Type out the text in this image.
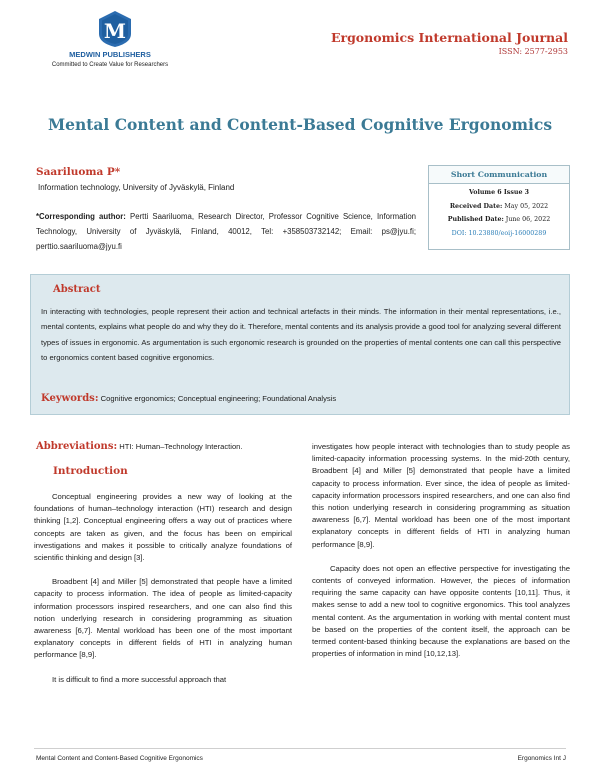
M
MEDWIN PUBLISHERS
Committed to Create Value for Researchers
Ergonomics International Journal
ISSN: 2577-2953
Mental Content and Content-Based Cognitive Ergonomics
Saariluoma P*
Information technology, University of Jyväskylä, Finland
*Corresponding author: Pertti Saariluoma, Research Director, Professor Cognitive Science, Information Technology, University of Jyväskylä, Finland, 40012, Tel: +358503732142; Email: ps@jyu.fi; perttio.saariluoma@jyu.fi
Short Communication
Volume 6 Issue 3
Received Date: May 05, 2022
Published Date: June 06, 2022
DOI: 10.23880/eoij-16000289
Abstract
In interacting with technologies, people represent their action and technical artefacts in their minds. The information in their mental representations, i.e., mental contents, explains what people do and why they do it. Therefore, mental contents and its analysis provide a good tool for analyzing several different types of issues in ergonomic. As argumentation is such ergonomic research is grounded on the properties of mental contents one can call this perspective to ergonomics content based cognitive ergonomics.
Keywords: Cognitive ergonomics; Conceptual engineering; Foundational Analysis
Abbreviations: HTI: Human–Technology Interaction.
Introduction

Conceptual engineering provides a new way of looking at the foundations of human–technology interaction (HTI) research and design thinking [1,2]. Conceptual engineering offers a way out of practices where concepts are taken as given, and the focus has been on empirical investigations and makes it possible to critically analyze foundations of scientific thinking and design [3].

Broadbent [4] and Miller [5] demonstrated that people have a limited capacity to process information. The idea of people as limited-capacity information processors inspired researchers, and one can also find this notion underlying research in considering programming as situation awareness [6,7]. Mental workload has been one of the most important explanatory concepts in different fields of HTI in analyzing human performance [8,9].

It is difficult to find a more successful approach that

investigates how people interact with technologies than to study people as limited-capacity information processing systems. In the mid-20th century, Broadbent [4] and Miller [5] demonstrated that people have a limited capacity to process information. Ever since, the idea of people as limited-capacity information processors inspired researchers, and one can also find this notion underlying research in considering programming as situation awareness [6,7]. Mental workload has been one of the most important explanatory concepts in different fields of HTI in analyzing human performance [8,9].

Capacity does not open an effective perspective for investigating the contents of conveyed information. However, the pieces of information requiring the same capacity can have opposite contents [10,11]. Thus, it makes sense to add a new tool to cognitive ergonomics. This tool analyzes mental content. As the argumentation in working with mental content must be based on the properties of the content itself, the approach can be termed content-based thinking because the explanations are based on the properties of information in mind [10,12,13].

Mental Content and Content-Based Cognitive Ergonomics	Ergonomics Int J
